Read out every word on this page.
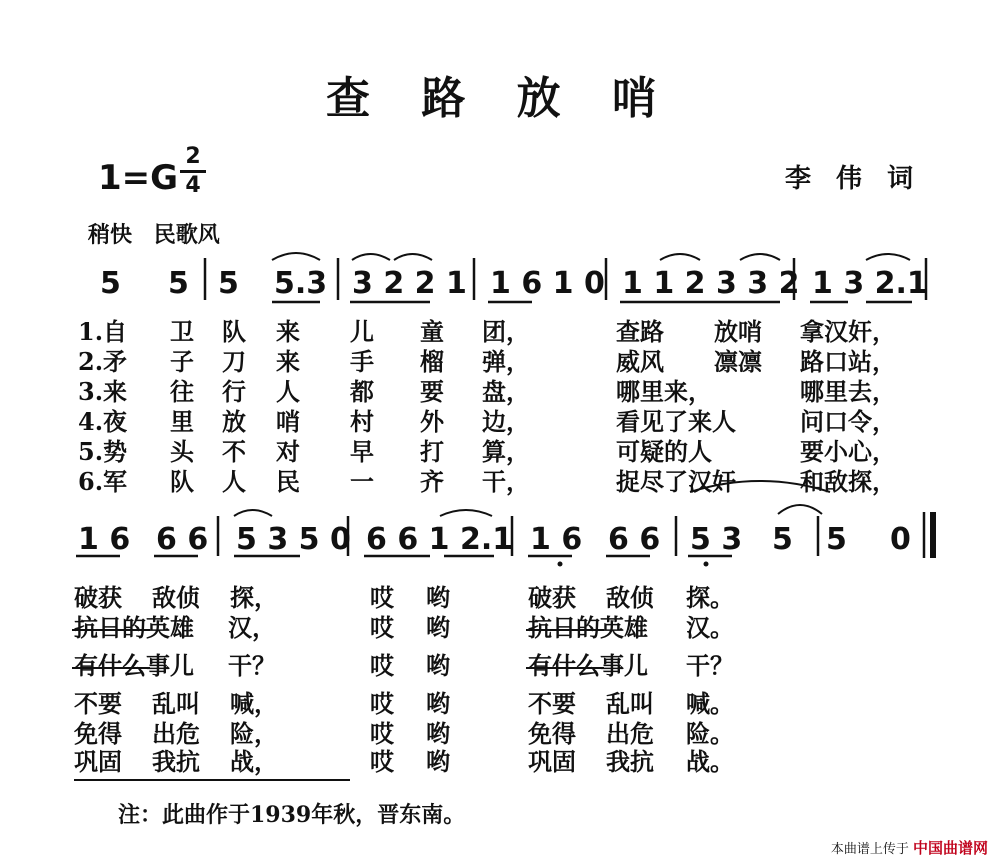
查 路 放 哨
1=G
2
4	李 伟 词
稍快 民歌风
5 5 5 5.3 3 2 2 1 1 6 1 0 1 1 2 3 3 2 1 3 2.1
1.自 卫 队 来 儿 童 团，	查路 放哨 拿汉奸，
2.矛 子 刀 来 手 榴 弹，	威风 凛凛 路口站，
3.来 往 行 人 都 要 盘，	哪里来，	哪里去，
4.夜 里 放 哨 村 外 边，	看见了来人	问口令，
5.势 头 不 对 早 打 算，	可疑的人	要小心，
6.军 队 人 民 一 齐 干，	捉尽了汉奸	和敌探，
1 6 6 6 5 3 5 0 6 6 1 2.1 1 6 6 6 5 3 5 5 0
破获 敌侦 探，	哎 哟	破获 敌侦 探。
抗日的英雄 汉，	哎 哟	抗日的英雄 汉。
有什么事儿 干？	哎 哟	有什么事儿 干？
不要 乱叫 喊，	哎 哟	不要 乱叫 喊。
免得 出危 险，	哎 哟	免得 出危 险。
巩固 我抗 战，	哎 哟	巩固 我抗 战。
注：此曲作于1939年秋，晋东南。
本曲谱上传于 中国曲谱网
